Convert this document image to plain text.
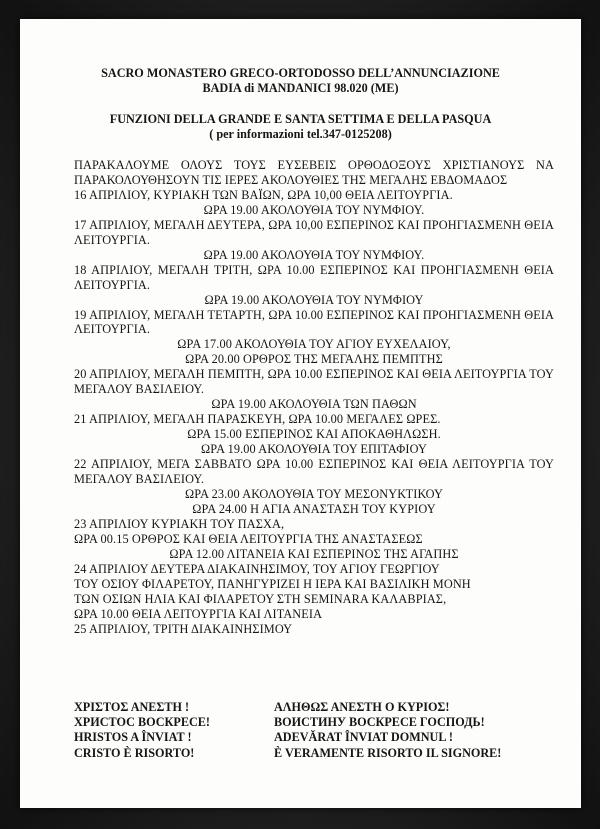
SACRO MONASTERO GRECO-ORTODOSSO DELL’ANNUNCIAZIONE
BADIA di MANDANICI 98.020 (ME)
FUNZIONI DELLA GRANDE E SANTA SETTIMA E DELLA PASQUA
( per informazioni tel.347-0125208)
ΠΑΡΑΚΑΛΟΥΜΕ ΟΛΟΥΣ ΤΟΥΣ ΕΥΣΕΒΕΙΣ ΟΡΘΟΔΟΞΟΥΣ ΧΡΙΣΤΙΑΝΟΥΣ ΝΑ ΠΑΡΑΚΟΛΟΥΘΗΣΟΥΝ ΤΙΣ ΙΕΡΕΣ ΑΚΟΛΟΥΘΙΕΣ ΤΗΣ ΜΕΓΑΛΗΣ ΕΒΔΟΜΑΔΟΣ
16 ΑΠΡΙΛΙΟΥ, ΚΥΡΙΑΚΗ ΤΩΝ ΒΑΪΩΝ, ΩΡΑ 10,00 ΘΕΙΑ ΛΕΙΤΟΥΡΓΙΑ.
ΩΡΑ 19.00 ΑΚΟΛΟΥΘΙΑ ΤΟΥ ΝΥΜΦΙΟΥ.
17 ΑΠΡΙΛΙΟΥ, ΜΕΓΑΛΗ ΔΕΥΤΕΡΑ, ΩΡΑ 10,00 ΕΣΠΕΡΙΝΟΣ ΚΑΙ ΠΡΟΗΓΙΑΣΜΕΝΗ ΘΕΙΑ ΛΕΙΤΟΥΡΓΙΑ.
ΩΡΑ 19.00 ΑΚΟΛΟΥΘΙΑ ΤΟΥ ΝΥΜΦΙΟΥ.
18 ΑΠΡΙΛΙΟΥ, ΜΕΓΑΛΗ ΤΡΙΤΗ, ΩΡΑ 10.00 ΕΣΠΕΡΙΝΟΣ ΚΑΙ ΠΡΟΗΓΙΑΣΜΕΝΗ ΘΕΙΑ ΛΕΙΤΟΥΡΓΙΑ.
ΩΡΑ 19.00 ΑΚΟΛΟΥΘΙΑ ΤΟΥ ΝΥΜΦΙΟΥ
19 ΑΠΡΙΛΙΟΥ, ΜΕΓΑΛΗ ΤΕΤΑΡΤΗ, ΩΡΑ 10.00 ΕΣΠΕΡΙΝΟΣ ΚΑΙ ΠΡΟΗΓΙΑΣΜΕΝΗ ΘΕΙΑ ΛΕΙΤΟΥΡΓΙΑ.
ΩΡΑ 17.00 ΑΚΟΛΟΥΘΙΑ ΤΟΥ ΑΓΙΟΥ ΕΥΧΕΛΑΙΟΥ,
ΩΡΑ 20.00 ΟΡΘΡΟΣ ΤΗΣ ΜΕΓΑΛΗΣ ΠΕΜΠΤΗΣ
20 ΑΠΡΙΛΙΟΥ, ΜΕΓΑΛΗ ΠΕΜΠΤΗ, ΩΡΑ 10.00 ΕΣΠΕΡΙΝΟΣ ΚΑΙ ΘΕΙΑ ΛΕΙΤΟΥΡΓΙΑ ΤΟΥ ΜΕΓΑΛΟΥ ΒΑΣΙΛΕΙΟΥ.
ΩΡΑ 19.00 ΑΚΟΛΟΥΘΙΑ ΤΩΝ ΠΑΘΩΝ
21 ΑΠΡΙΛΙΟΥ, ΜΕΓΑΛΗ ΠΑΡΑΣΚΕΥΗ, ΩΡΑ 10.00 ΜΕΓΑΛΕΣ ΩΡΕΣ.
ΩΡΑ 15.00 ΕΣΠΕΡΙΝΟΣ ΚΑΙ ΑΠΟΚΑΘΗΛΩΣΗ.
ΩΡΑ 19.00 ΑΚΟΛΟΥΘΙΑ ΤΟΥ ΕΠΙΤΑΦΙΟΥ
22 ΑΠΡΙΛΙΟΥ, ΜΕΓΑ ΣΑΒΒΑΤΟ ΩΡΑ 10.00 ΕΣΠΕΡΙΝΟΣ ΚΑΙ ΘΕΙΑ ΛΕΙΤΟΥΡΓΙΑ ΤΟΥ ΜΕΓΑΛΟΥ ΒΑΣΙΛΕΙΟΥ.
ΩΡΑ 23.00 ΑΚΟΛΟΥΘΙΑ ΤΟΥ ΜΕΣΟΝΥΚΤΙΚΟΥ
ΩΡΑ 24.00 Η ΑΓΙΑ ΑΝΑΣΤΑΣΗ ΤΟΥ ΚΥΡΙΟΥ
23 ΑΠΡΙΛΙΟΥ ΚΥΡΙΑΚΗ ΤΟΥ ΠΑΣΧΑ,
ΩΡΑ 00.15 ΟΡΘΡΟΣ ΚΑΙ ΘΕΙΑ ΛΕΙΤΟΥΡΓΙΑ ΤΗΣ ΑΝΑΣΤΑΣΕΩΣ
ΩΡΑ 12.00 ΛΙΤΑΝΕΙΑ ΚΑΙ ΕΣΠΕΡΙΝΟΣ ΤΗΣ ΑΓΑΠΗΣ
24 ΑΠΡΙΛΙΟΥ ΔΕΥΤΕΡΑ ΔΙΑΚΑΙΝΗΣΙΜΟΥ, ΤΟΥ ΑΓΙΟΥ ΓΕΩΡΓΙΟΥ
ΤΟΥ ΟΣΙΟΥ ΦΙΛΑΡΕΤΟΥ, ΠΑΝΗΓΥΡΙΖΕΙ Η ΙΕΡΑ ΚΑΙ ΒΑΣΙΛΙΚΗ ΜΟΝΗ
ΤΩΝ ΟΣΙΩΝ ΗΛΙΑ ΚΑΙ ΦΙΛΑΡΕΤΟΥ ΣΤΗ SEMINARA ΚΑΛΑΒΡΙΑΣ,
ΩΡΑ 10.00 ΘΕΙΑ ΛΕΙΤΟΥΡΓΙΑ ΚΑΙ ΛΙΤΑΝΕΙΑ
25 ΑΠΡΙΛΙΟΥ, ΤΡΙΤΗ ΔΙΑΚΑΙΝΗΣΙΜΟΥ
ΧΡΙΣΤΟΣ ΑΝΕΣΤΗ !	ΑΛΗΘΩΣ ΑΝΕΣΤΗ Ο ΚΥΡΙΟΣ!
ХРИСТОС ВОСКРЕСЕ!	ВОИСТИНУ ВОСКРЕСЕ ГОСПОДЬ!
HRISTOS A ÎNVIAT !	ADEVĂRAT ÎNVIAT DOMNUL !
CRISTO È RISORTO!	È VERAMENTE RISORTO IL SIGNORE!
